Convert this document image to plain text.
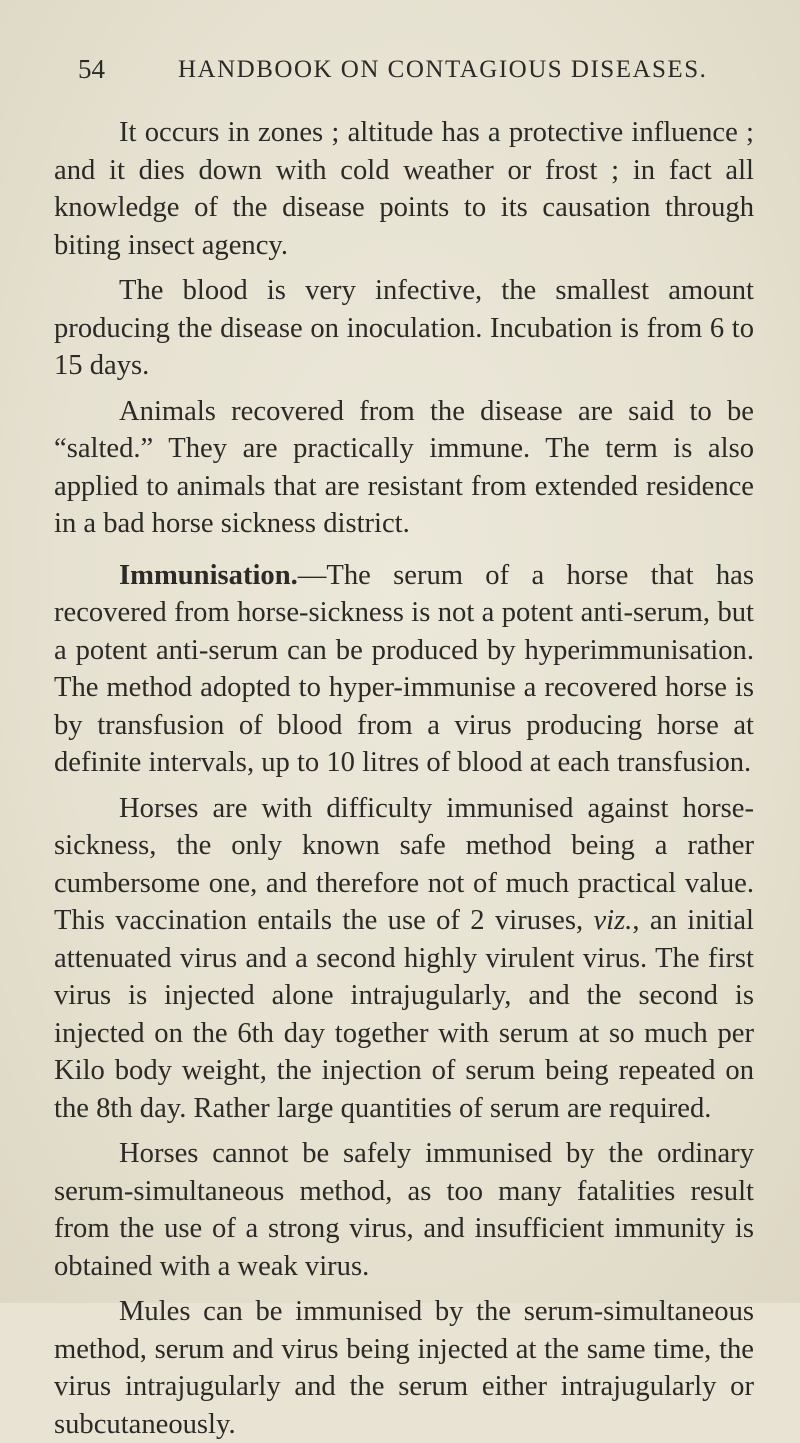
54	HANDBOOK ON CONTAGIOUS DISEASES.

It occurs in zones ; altitude has a protective influence ; and it dies down with cold weather or frost ; in fact all knowledge of the disease points to its causation through biting insect agency.

The blood is very infective, the smallest amount producing the disease on inoculation. Incubation is from 6 to 15 days.

Animals recovered from the disease are said to be “salted.” They are practically immune. The term is also applied to animals that are resistant from extended residence in a bad horse sickness district.

Immunisation.—The serum of a horse that has recovered from horse-sickness is not a potent anti-serum, but a potent anti-serum can be produced by hyperimmunisation. The method adopted to hyper-immunise a recovered horse is by transfusion of blood from a virus producing horse at definite intervals, up to 10 litres of blood at each transfusion.

Horses are with difficulty immunised against horse-sickness, the only known safe method being a rather cumbersome one, and therefore not of much practical value. This vaccination entails the use of 2 viruses, viz., an initial attenuated virus and a second highly virulent virus. The first virus is injected alone intrajugularly, and the second is injected on the 6th day together with serum at so much per Kilo body weight, the injection of serum being repeated on the 8th day. Rather large quantities of serum are required.

Horses cannot be safely immunised by the ordinary serum-simultaneous method, as too many fatalities result from the use of a strong virus, and insufficient immunity is obtained with a weak virus.

Mules can be immunised by the serum-simultaneous method, serum and virus being injected at the same time, the virus intrajugularly and the serum either intrajugularly or subcutaneously.
